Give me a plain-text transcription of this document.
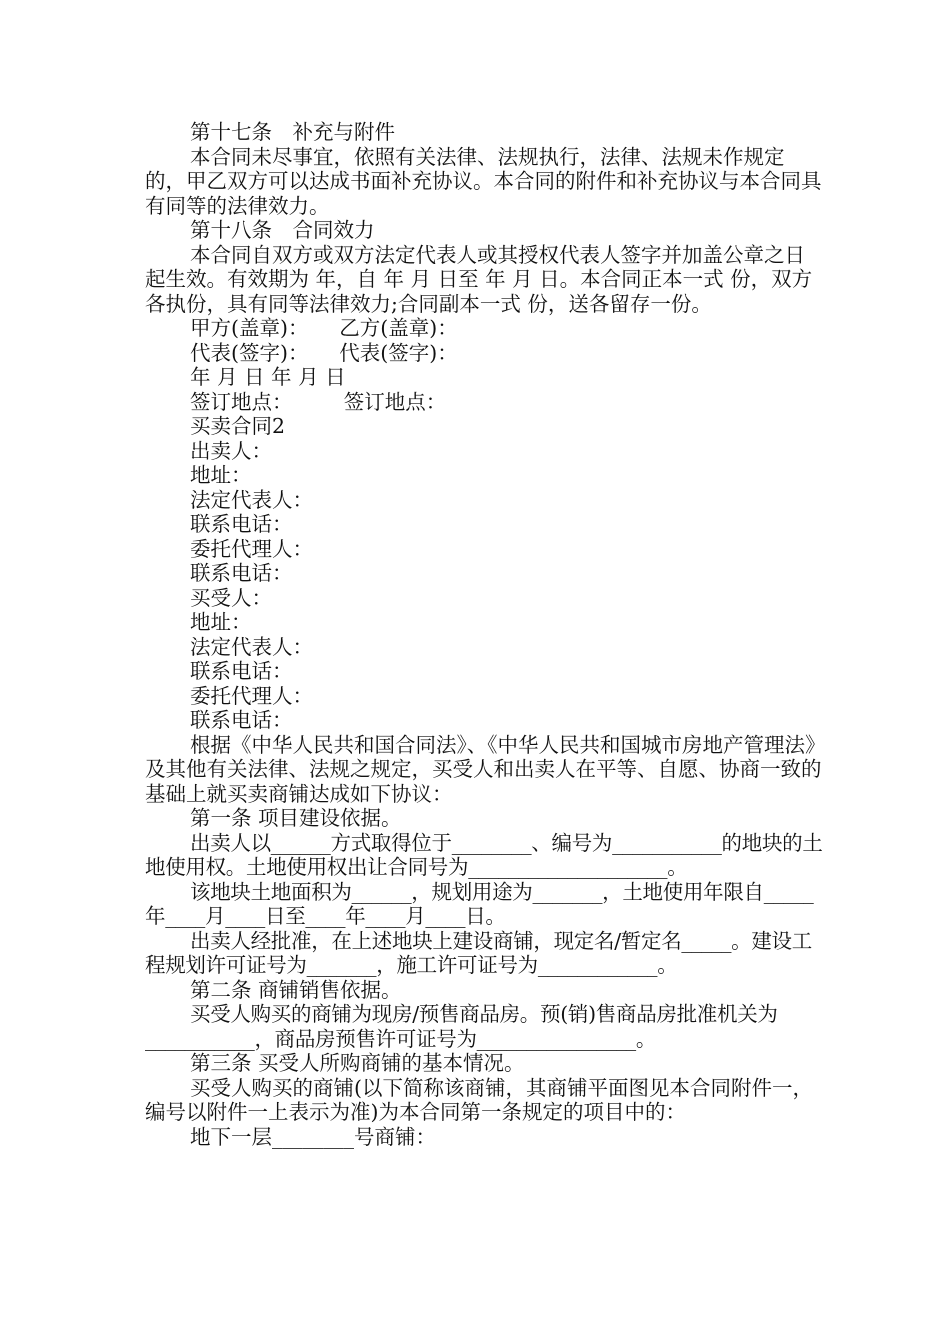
第十七条　补充与附件

本合同未尽事宜，依照有关法律、法规执行，法律、法规未作规定的，甲乙双方可以达成书面补充协议。本合同的附件和补充协议与本合同具有同等的法律效力。

第十八条　合同效力

本合同自双方或双方法定代表人或其授权代表人签字并加盖公章之日起生效。有效期为 年，自 年 月 日至 年 月 日。本合同正本一式 份，双方各执份，具有同等法律效力;合同副本一式 份，送各留存一份。

甲方(盖章)：　　乙方(盖章)：

代表(签字)：　　代表(签字)：

年 月 日 年 月 日

签订地点：　　　签订地点：

买卖合同2

出卖人：

地址：

法定代表人：

联系电话：

委托代理人：

联系电话：

买受人：

地址：

法定代表人：

联系电话：

委托代理人：

联系电话：

根据《中华人民共和国合同法》、《中华人民共和国城市房地产管理法》及其他有关法律、法规之规定，买受人和出卖人在平等、自愿、协商一致的基础上就买卖商铺达成如下协议：

第一条 项目建设依据。

出卖人以______方式取得位于________、编号为___________的地块的土地使用权。土地使用权出让合同号为____________________。

该地块土地面积为______，规划用途为_______，土地使用年限自_____年____月____日至____年____月____日。

出卖人经批准，在上述地块上建设商铺，现定名/暂定名_____。建设工程规划许可证号为_______，施工许可证号为____________。

第二条 商铺销售依据。

买受人购买的商铺为现房/预售商品房。预(销)售商品房批准机关为___________，商品房预售许可证号为________________。

第三条 买受人所购商铺的基本情况。

买受人购买的商铺(以下简称该商铺，其商铺平面图见本合同附件一，编号以附件一上表示为准)为本合同第一条规定的项目中的：

地下一层________号商铺：
